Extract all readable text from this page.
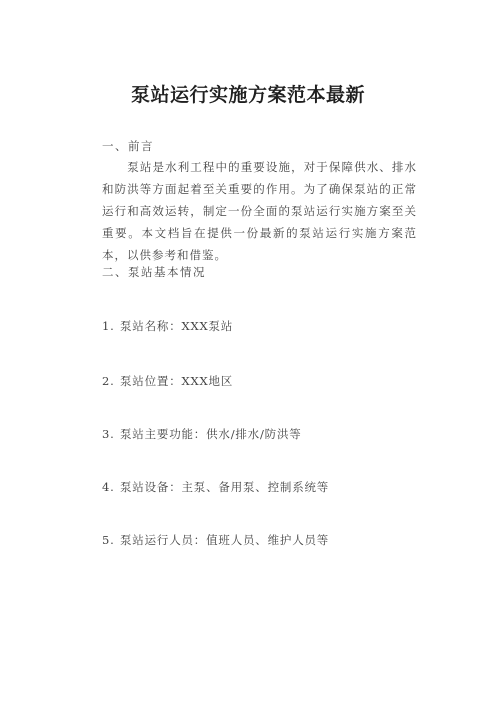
泵站运行实施方案范本最新
一、前言
泵站是水利工程中的重要设施，对于保障供水、排水和防洪等方面起着至关重要的作用。为了确保泵站的正常运行和高效运转，制定一份全面的泵站运行实施方案至关重要。本文档旨在提供一份最新的泵站运行实施方案范本，以供参考和借鉴。
二、泵站基本情况
1. 泵站名称：XXX泵站
2. 泵站位置：XXX地区
3. 泵站主要功能：供水/排水/防洪等
4. 泵站设备：主泵、备用泵、控制系统等
5. 泵站运行人员：值班人员、维护人员等
